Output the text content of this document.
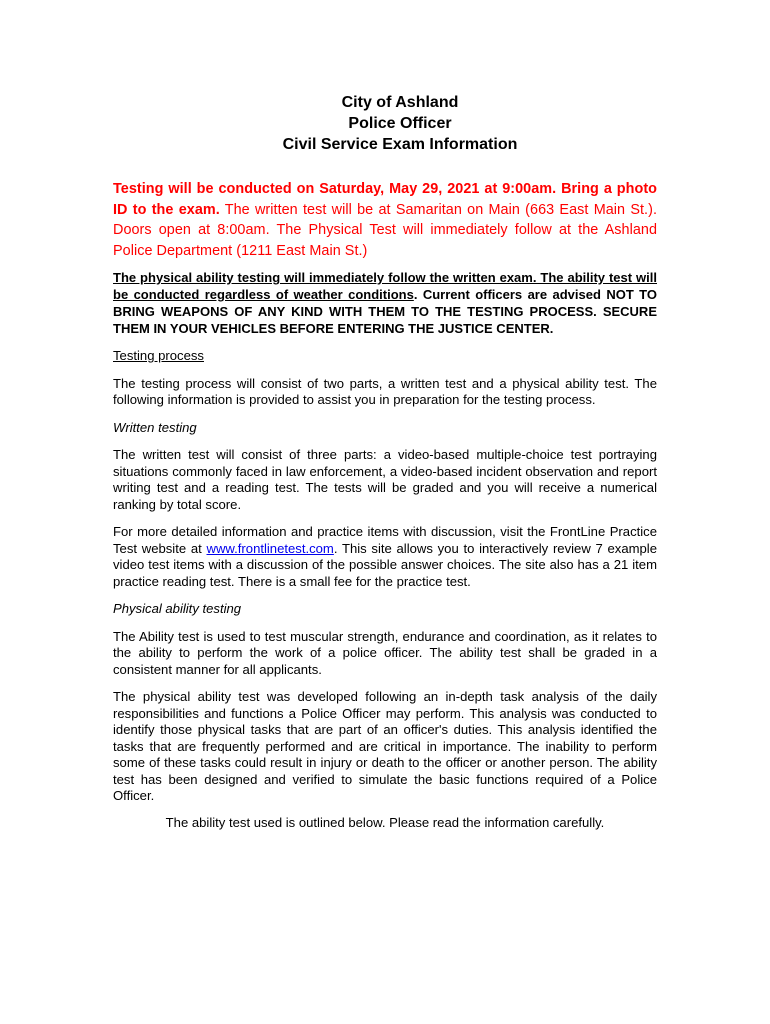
City of Ashland
Police Officer
Civil Service Exam Information
Testing will be conducted on Saturday, May 29, 2021 at 9:00am. Bring a photo ID to the exam. The written test will be at Samaritan on Main (663 East Main St.). Doors open at 8:00am. The Physical Test will immediately follow at the Ashland Police Department (1211 East Main St.)
The physical ability testing will immediately follow the written exam. The ability test will be conducted regardless of weather conditions. Current officers are advised NOT TO BRING WEAPONS OF ANY KIND WITH THEM TO THE TESTING PROCESS. SECURE THEM IN YOUR VEHICLES BEFORE ENTERING THE JUSTICE CENTER.
Testing process

The testing process will consist of two parts, a written test and a physical ability test. The following information is provided to assist you in preparation for the testing process.

Written testing

The written test will consist of three parts: a video-based multiple-choice test portraying situations commonly faced in law enforcement, a video-based incident observation and report writing test and a reading test. The tests will be graded and you will receive a numerical ranking by total score.

For more detailed information and practice items with discussion, visit the FrontLine Practice Test website at www.frontlinetest.com. This site allows you to interactively review 7 example video test items with a discussion of the possible answer choices. The site also has a 21 item practice reading test. There is a small fee for the practice test.

Physical ability testing

The Ability test is used to test muscular strength, endurance and coordination, as it relates to the ability to perform the work of a police officer. The ability test shall be graded in a consistent manner for all applicants.

The physical ability test was developed following an in-depth task analysis of the daily responsibilities and functions a Police Officer may perform. This analysis was conducted to identify those physical tasks that are part of an officer's duties. This analysis identified the tasks that are frequently performed and are critical in importance. The inability to perform some of these tasks could result in injury or death to the officer or another person. The ability test has been designed and verified to simulate the basic functions required of a Police Officer.

The ability test used is outlined below. Please read the information carefully.
